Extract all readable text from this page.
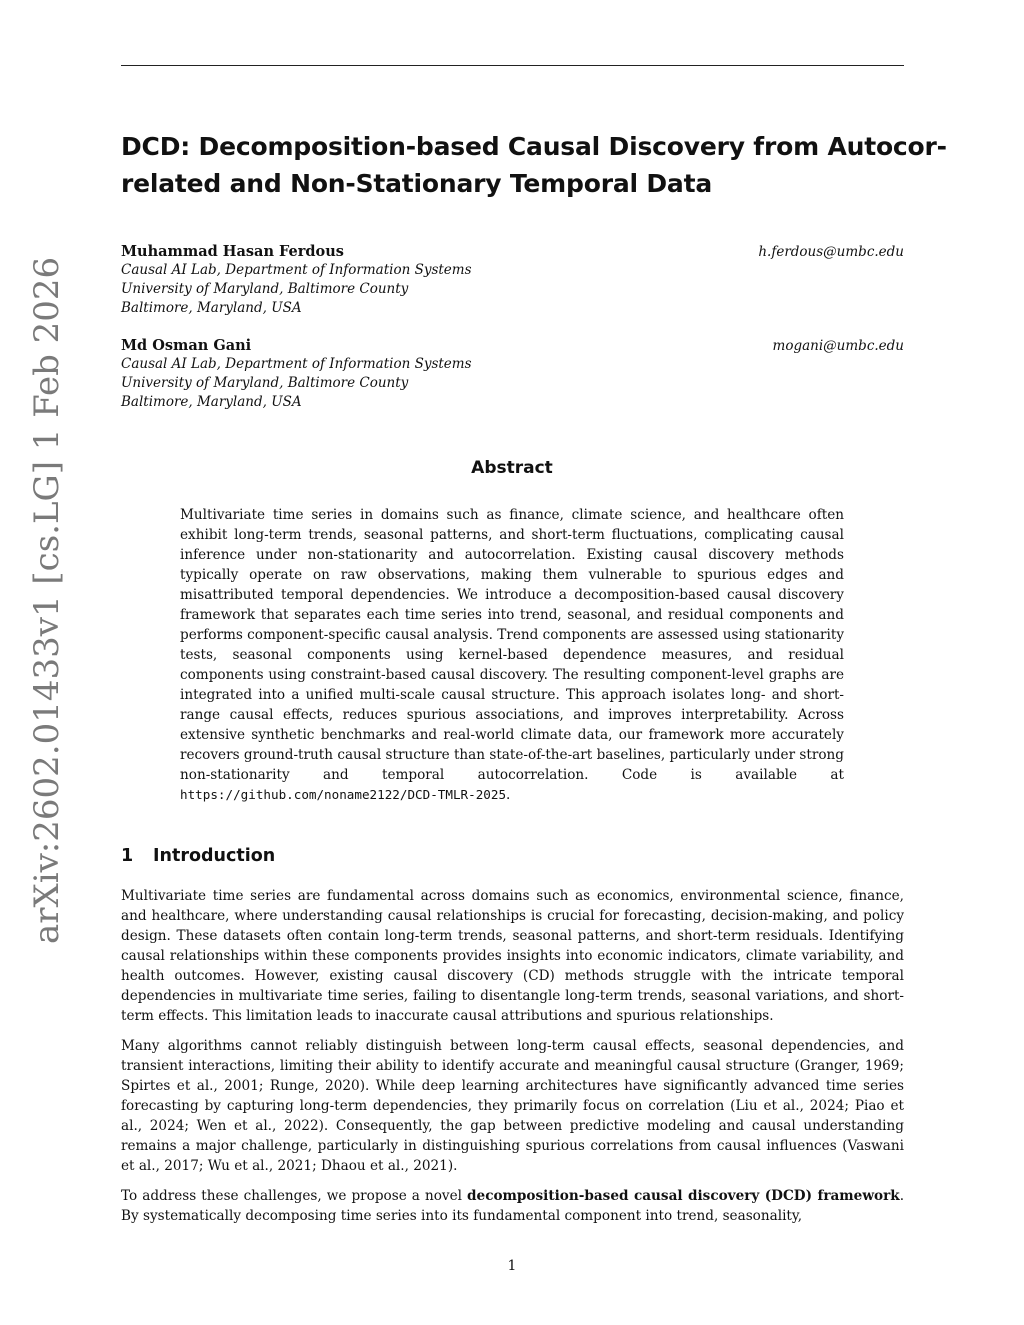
arXiv:2602.01433v1 [cs.LG] 1 Feb 2026
DCD: Decomposition-based Causal Discovery from Autocor-
related and Non-Stationary Temporal Data
Muhammad Hasan Ferdous
Causal AI Lab, Department of Information Systems
University of Maryland, Baltimore County
Baltimore, Maryland, USA
h.ferdous@umbc.edu
Md Osman Gani
Causal AI Lab, Department of Information Systems
University of Maryland, Baltimore County
Baltimore, Maryland, USA
mogani@umbc.edu
Abstract
Multivariate time series in domains such as finance, climate science, and healthcare often exhibit long-term trends, seasonal patterns, and short-term fluctuations, complicating causal inference under non-stationarity and autocorrelation. Existing causal discovery methods typically operate on raw observations, making them vulnerable to spurious edges and misattributed temporal dependencies. We introduce a decomposition-based causal discovery framework that separates each time series into trend, seasonal, and residual components and performs component-specific causal analysis. Trend components are assessed using stationarity tests, seasonal components using kernel-based dependence measures, and residual components using constraint-based causal discovery. The resulting component-level graphs are integrated into a unified multi-scale causal structure. This approach isolates long- and short-range causal effects, reduces spurious associations, and improves interpretability. Across extensive synthetic benchmarks and real-world climate data, our framework more accurately recovers ground-truth causal structure than state-of-the-art baselines, particularly under strong non-stationarity and temporal autocorrelation. Code is available at https://github.com/noname2122/DCD-TMLR-2025.
1 Introduction
Multivariate time series are fundamental across domains such as economics, environmental science, finance, and healthcare, where understanding causal relationships is crucial for forecasting, decision-making, and policy design. These datasets often contain long-term trends, seasonal patterns, and short-term residuals. Identifying causal relationships within these components provides insights into economic indicators, climate variability, and health outcomes. However, existing causal discovery (CD) methods struggle with the intricate temporal dependencies in multivariate time series, failing to disentangle long-term trends, seasonal variations, and short-term effects. This limitation leads to inaccurate causal attributions and spurious relationships.
Many algorithms cannot reliably distinguish between long-term causal effects, seasonal dependencies, and transient interactions, limiting their ability to identify accurate and meaningful causal structure (Granger, 1969; Spirtes et al., 2001; Runge, 2020). While deep learning architectures have significantly advanced time series forecasting by capturing long-term dependencies, they primarily focus on correlation (Liu et al., 2024; Piao et al., 2024; Wen et al., 2022). Consequently, the gap between predictive modeling and causal understanding remains a major challenge, particularly in distinguishing spurious correlations from causal influences (Vaswani et al., 2017; Wu et al., 2021; Dhaou et al., 2021).
To address these challenges, we propose a novel decomposition-based causal discovery (DCD) framework. By systematically decomposing time series into its fundamental component into trend, seasonality,
1
